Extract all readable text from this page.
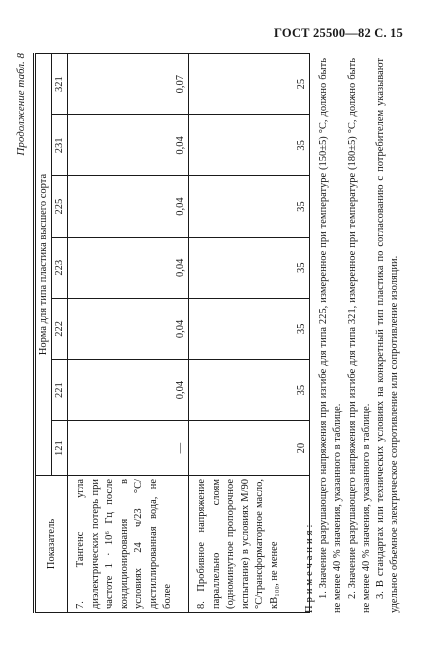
ГОСТ 25500—82 С. 15
Продолжение табл. 8
Показатель	Норма для типа пластика высшего сорта						
	121	221	222	223	225	231	321
7. Тангенс угла диэлектрических потерь при частоте 1 · 10⁶ Гц после кондиционирования в условиях 24 ч/23 °С/дистиллированная вода, не более	—	0,04	0,04	0,04	0,04	0,04	0,07
8. Пробивное напряжение параллельно слоям (одноминутное пропорочное испытание) в условиях М/90 °С/трансформаторное масло, кВ₁₀₀, не менее	20	35	35	35	35	35	25

Примечания: 1. Значение разрушающего напряжения при изгибе для типа 225, измеренное при температуре (150±5) °С, должно быть не менее 40 % значения, указанного в таблице. 2. Значение разрушающего напряжения при изгибе для типа 321, измеренное при температуре (180±5) °С, должно быть не менее 40 % значения, указанного в таблице. 3. В стандартах или технических условиях на конкретный тип пластика по согласованию с потребителем указывают удельное объемное электрическое сопротивление или сопротивление изоляции.
